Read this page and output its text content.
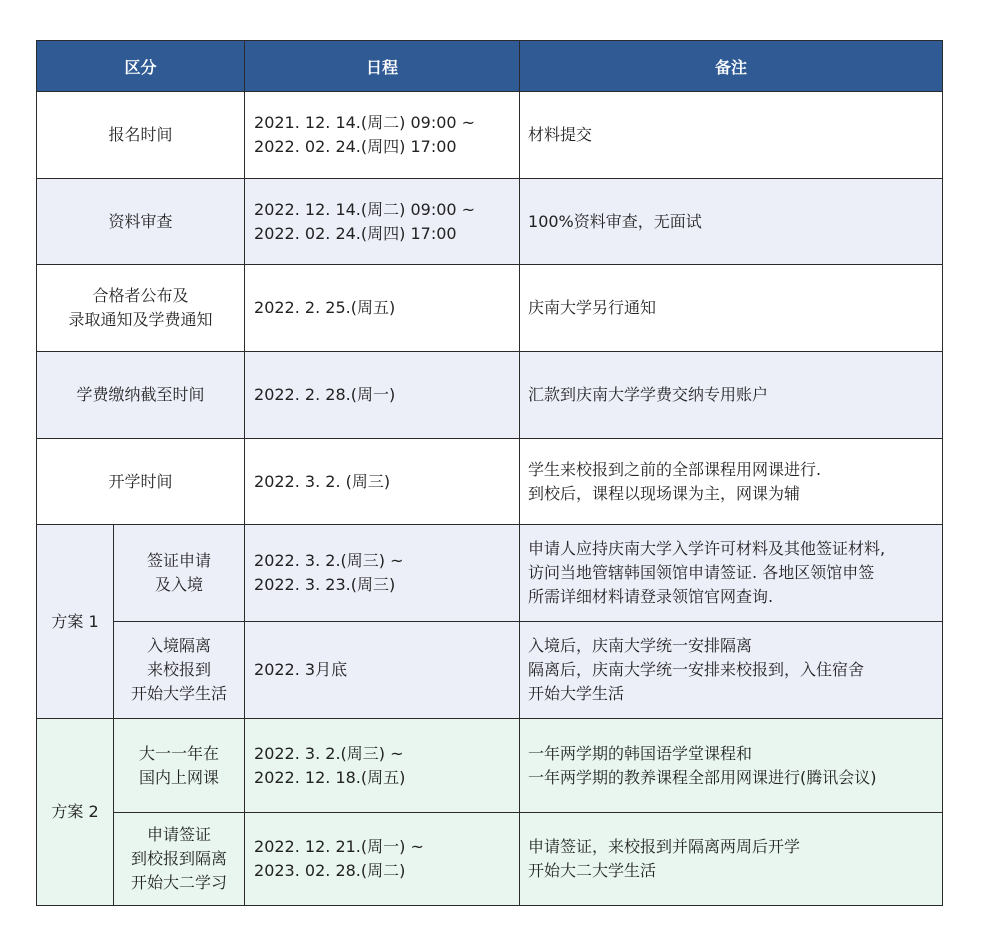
区分		日程	备注

报名时间		2021. 12. 14.(周二) 09:00 ~
2022. 02. 24.(周四) 17:00	材料提交

资料审查		2022. 12. 14.(周二) 09:00 ~
2022. 02. 24.(周四) 17:00	100%资料审查，无面试

合格者公布及
录取通知及学费通知		2022. 2. 25.(周五)	庆南大学另行通知

学费缴纳截至时间		2022. 2. 28.(周一)	汇款到庆南大学学费交纳专用账户

开学时间		2022. 3. 2. (周三)	学生来校报到之前的全部课程用网课进行.
到校后，课程以现场课为主，网课为辅

方案 1	签证申请
及入境	2022. 3. 2.(周三) ~
2022. 3. 23.(周三)	申请人应持庆南大学入学许可材料及其他签证材料,
访问当地管辖韩国领馆申请签证. 各地区领馆申签
所需详细材料请登录领馆官网查询.

	入境隔离
来校报到
开始大学生活	2022. 3月底	入境后，庆南大学统一安排隔离
隔离后，庆南大学统一安排来校报到，入住宿舍
开始大学生活

方案 2	大一一年在
国内上网课	2022. 3. 2.(周三) ~
2022. 12. 18.(周五)	一年两学期的韩国语学堂课程和
一年两学期的教养课程全部用网课进行(腾讯会议)

	申请签证
到校报到隔离
开始大二学习	2022. 12. 21.(周一) ~
2023. 02. 28.(周二)	申请签证，来校报到并隔离两周后开学
开始大二大学生活
